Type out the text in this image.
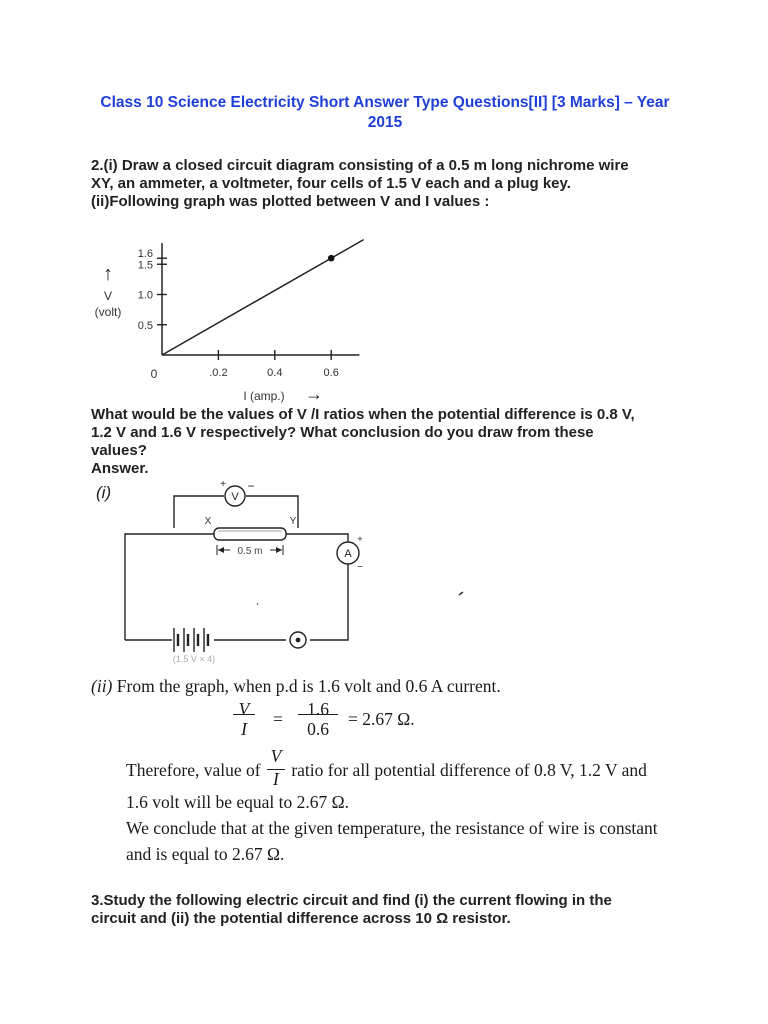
Class 10 Science Electricity Short Answer Type Questions[II] [3 Marks] – Year
2015
2.(i) Draw a closed circuit diagram consisting of a 0.5 m long nichrome wire
XY, an ammeter, a voltmeter, four cells of 1.5 V each and a plug key.
(ii)Following graph was plotted between V and I values :
.0.2	0.4	0.6
0.5
1.0
1.5
1.6
↑
V
(volt)
0
I (amp.) →
What would be the values of V /I ratios when the potential difference is 0.8 V,
1.2 V and 1.6 V respectively? What conclusion do you draw from these
values?
Answer.
(i)	V
+ −
X	Y
0.5 m	A
+
−
(1.5 V × 4)
(ii) From the graph, when p.d is 1.6 volt and 0.6 A current.
V
I	=	1.6
0.6	= 2.67 Ω.
Therefore, value of $\frac{V}{I}$ ratio for all potential difference of 0.8 V, 1.2 V and
1.6 volt will be equal to 2.67 Ω.
We conclude that at the given temperature, the resistance of wire is constant
and is equal to 2.67 Ω.
3.Study the following electric circuit and find (i) the current flowing in the
circuit and (ii) the potential difference across 10 Ω resistor.
